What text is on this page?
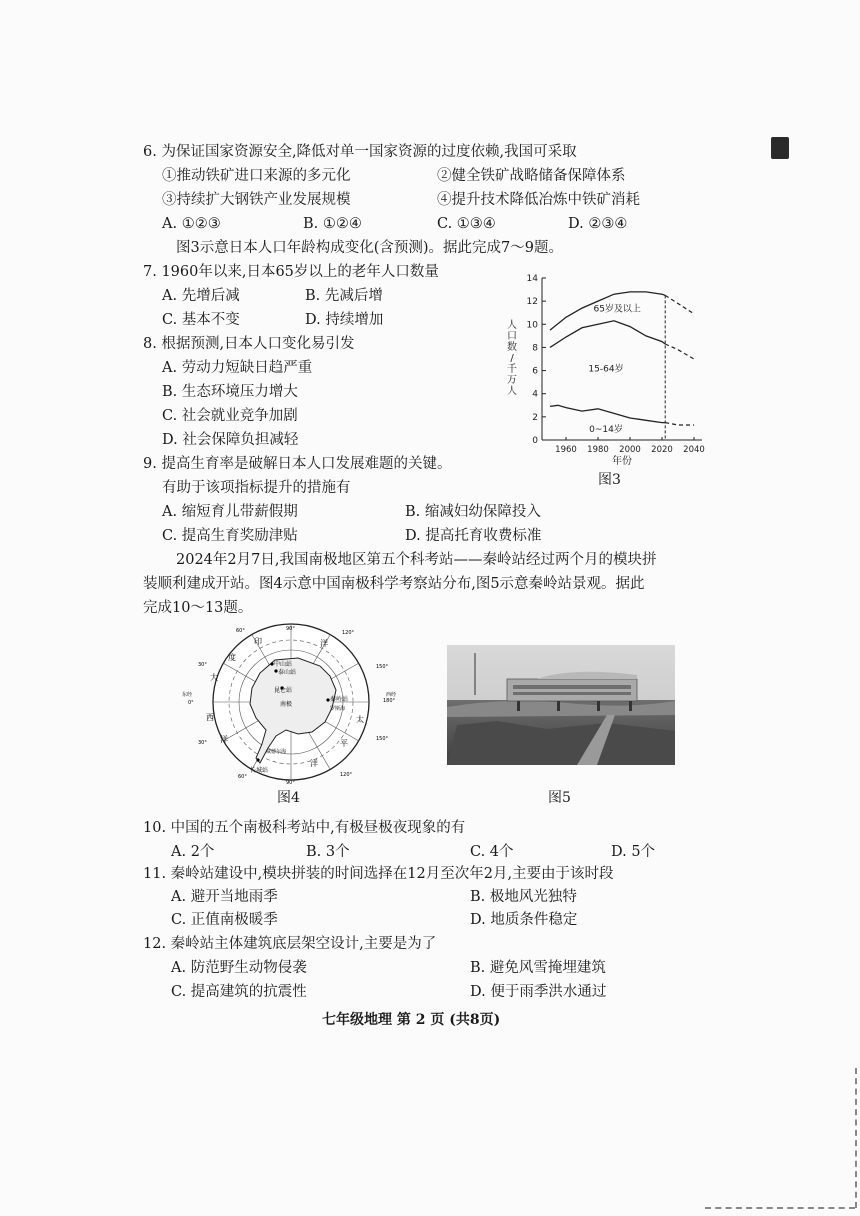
6. 为保证国家资源安全,降低对单一国家资源的过度依赖,我国可采取
①推动铁矿进口来源的多元化	②健全铁矿战略储备保障体系
③持续扩大钢铁产业发展规模	④提升技术降低冶炼中铁矿消耗
A. ①②③	B. ①②④	C. ①③④	D. ②③④
图3示意日本人口年龄构成变化(含预测)。据此完成7～9题。
7. 1960年以来,日本65岁以上的老年人口数量
A. 先增后减	B. 先减后增
C. 基本不变	D. 持续增加
8. 根据预测,日本人口变化易引发
A. 劳动力短缺日趋严重
B. 生态环境压力增大
C. 社会就业竞争加剧
D. 社会保障负担减轻
9. 提高生育率是破解日本人口发展难题的关键。
有助于该项指标提升的措施有
A. 缩短育儿带薪假期	B. 缩减妇幼保障投入
C. 提高生育奖励津贴	D. 提高托育收费标准
0
2
4
6
8
10
12
14
1960 1980 2000 2020 2040
0~14岁
15-64岁
65岁及以上
人
口
数
/
千
万
人
年份
图3
2024年2月7日,我国南极地区第五个科考站——秦岭站经过两个月的模块拼
装顺利建成开站。图4示意中国南极科学考察站分布,图5示意秦岭站景观。据此
完成10～13题。
90°
120°
150°
180°
150°
120°
90°
60°
30°
0°
30°
60°
东经	西经
印
度
大
西
洋
洋
太
平
洋
南极
罗斯海
威德尔海
中山站
泰山站
昆仑站
秦岭站
长城站
图4	图5
10. 中国的五个南极科考站中,有极昼极夜现象的有
A. 2个	B. 3个	C. 4个	D. 5个
11. 秦岭站建设中,模块拼装的时间选择在12月至次年2月,主要由于该时段
A. 避开当地雨季	B. 极地风光独特
C. 正值南极暖季	D. 地质条件稳定
12. 秦岭站主体建筑底层架空设计,主要是为了
A. 防范野生动物侵袭	B. 避免风雪掩埋建筑
C. 提高建筑的抗震性	D. 便于雨季洪水通过
七年级地理 第 2 页 (共8页)
